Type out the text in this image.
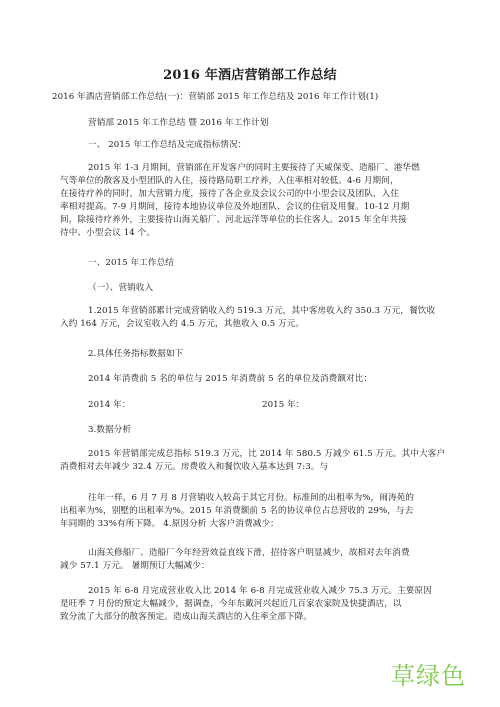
2016 年酒店营销部工作总结
2016 年酒店营销部工作总结(一)：营销部 2015 年工作总结及 2016 年工作计划(1)
营销部 2015 年工作总结 暨 2016 年工作计划
一、 2015 年工作总结及完成指标情况：
2015 年 1-3 月期间，营销部在开发客户的同时主要接待了天威保变、造船厂、港华燃
气等单位的散客及小型团队的入住，接待路局职工疗养，入住率相对较低。4-6 月期间，
在接待疗养的同时，加大营销力度，接待了各企业及会议公司的中小型会议及团队，入住
率相对提高。7-9 月期间，接待本地协议单位及外地团队、会议的住宿及用餐。10-12 月期
间，除接待疗养外，主要接待山海关船厂、河北远洋等单位的长住客人。2015 年全年共接
待中、小型会议 14 个。
一、2015 年工作总结
（一）、营销收入
1.2015 年营销部累计完成营销收入约 519.3 万元，其中客房收入约 350.3 万元，餐饮收
入约 164 万元，会议室收入约 4.5 万元，其他收入 0.5 万元。
2.具体任务指标数据如下
2014 年消费前 5 名的单位与 2015 年消费前 5 名的单位及消费额对比：
2014 年：	2015 年：
3.数据分析
2015 年营销部完成总指标 519.3 万元，比 2014 年 580.5 万减少 61.5 万元。其中大客户
消费相对去年减少 32.4 万元。房费收入和餐饮收入基本达到 7:3。与
往年一样，6 月 7 月 8 月营销收入较高于其它月份。标准间的出租率为%，闹涛苑的
出租率为%，别墅的出租率为%。2015 年消费额前 5 名的协议单位占总营收的 29%，与去
年同期的 33%有所下降。 4.原因分析 大客户消费减少：
山海关修船厂、造船厂今年经营效益直线下滑，招待客户明显减少，故相对去年消费
减少 57.1 万元。 暑期预订大幅减少：
2015 年 6-8 月完成营业收入比 2014 年 6-8 月完成营业收入减少 75.3 万元。主要原因
是旺季 7 月份的预定大幅减少，据调查，今年东戴河兴起近几百家农家院及快捷酒店，以
致分流了大部分的散客预定。造成山海关酒店的入住率全部下降。
草绿色
